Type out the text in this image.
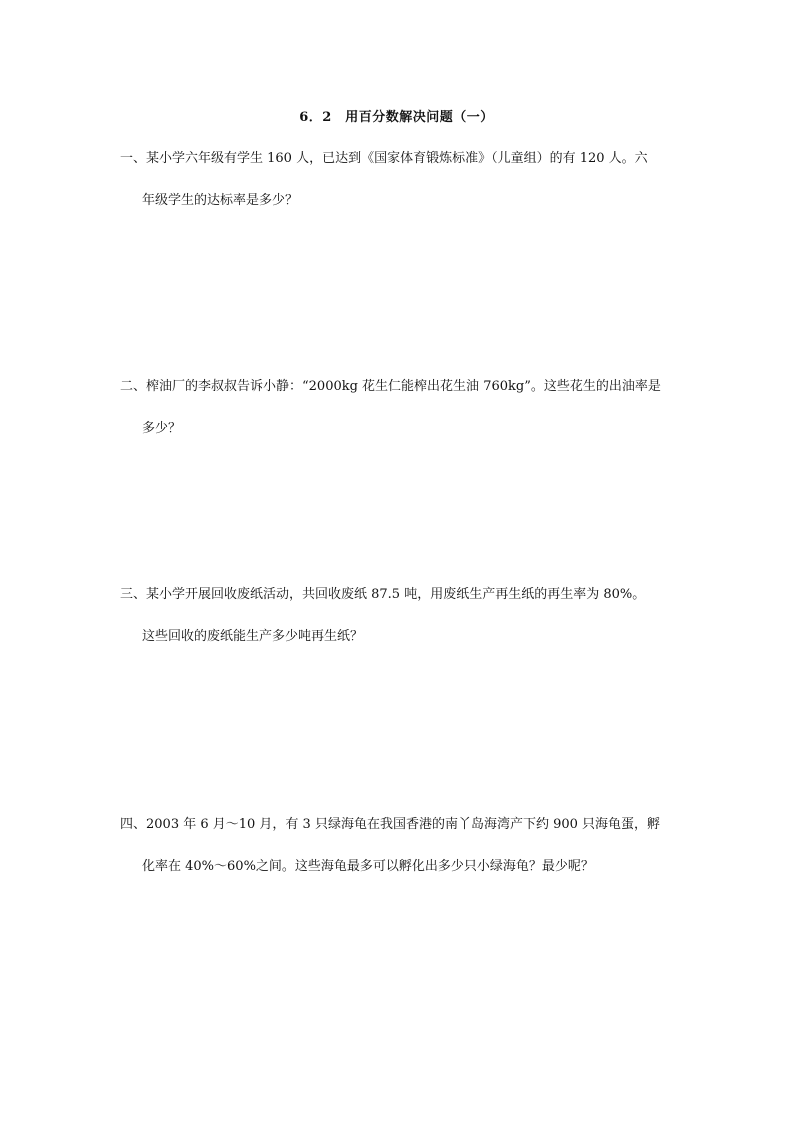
6．2　用百分数解决问题（一）
一、某小学六年级有学生 160 人，已达到《国家体育锻炼标准》（儿童组）的有 120 人。六
年级学生的达标率是多少？
二、榨油厂的李叔叔告诉小静：“2000kg 花生仁能榨出花生油 760kg”。这些花生的出油率是
多少？
三、某小学开展回收废纸活动，共回收废纸 87.5 吨，用废纸生产再生纸的再生率为 80%。
这些回收的废纸能生产多少吨再生纸？
四、2003 年 6 月～10 月，有 3 只绿海龟在我国香港的南丫岛海湾产下约 900 只海龟蛋，孵
化率在 40%～60%之间。这些海龟最多可以孵化出多少只小绿海龟？最少呢？
